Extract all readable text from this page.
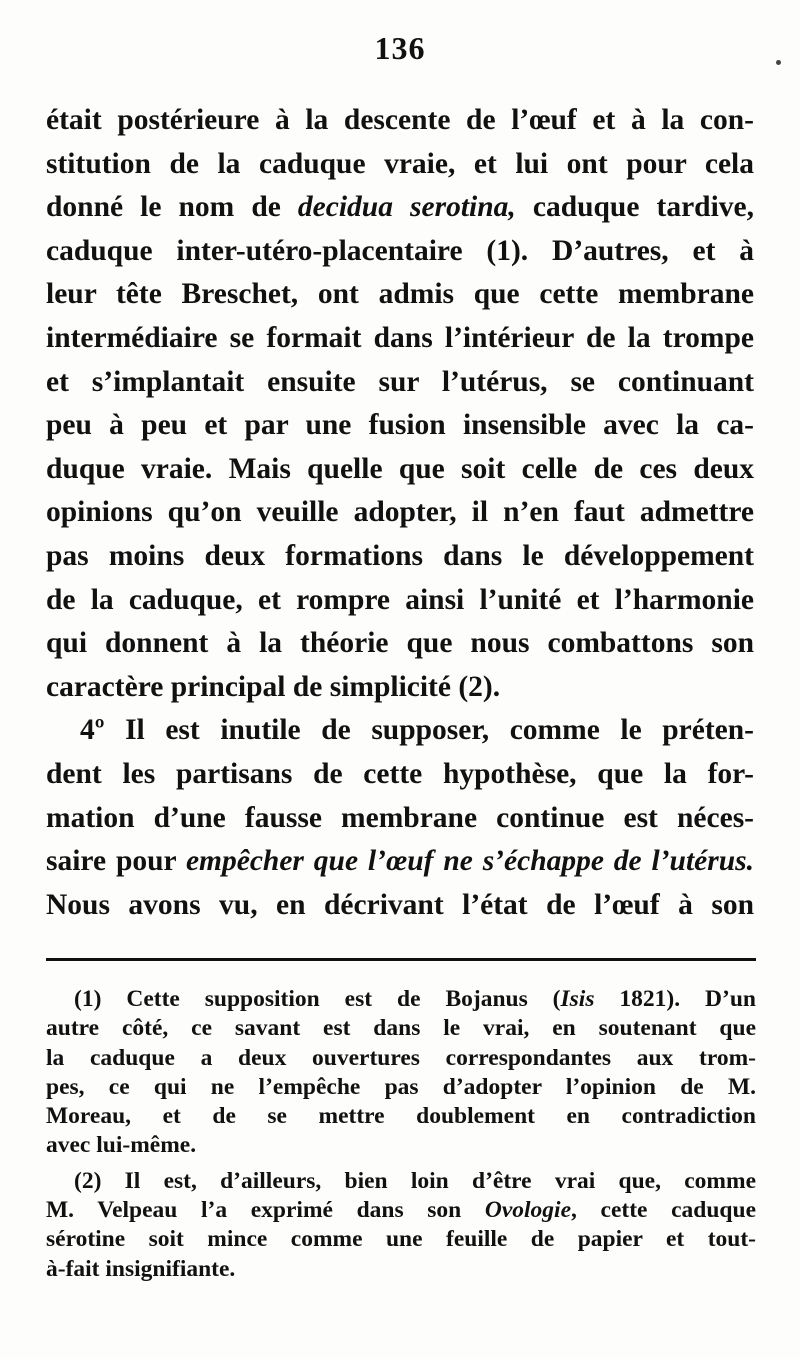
136
était postérieure à la descente de l’œuf et à la con-
stitution de la caduque vraie, et lui ont pour cela
donné le nom de decidua serotina, caduque tardive,
caduque inter-utéro-placentaire (1). D’autres, et à
leur tête Breschet, ont admis que cette membrane
intermédiaire se formait dans l’intérieur de la trompe
et s’implantait ensuite sur l’utérus, se continuant
peu à peu et par une fusion insensible avec la ca-
duque vraie. Mais quelle que soit celle de ces deux
opinions qu’on veuille adopter, il n’en faut admettre
pas moins deux formations dans le développement
de la caduque, et rompre ainsi l’unité et l’harmonie
qui donnent à la théorie que nous combattons son
caractère principal de simplicité (2).
4º Il est inutile de supposer, comme le préten-
dent les partisans de cette hypothèse, que la for-
mation d’une fausse membrane continue est néces-
saire pour empêcher que l’œuf ne s’échappe de l’utérus.
Nous avons vu, en décrivant l’état de l’œuf à son
(1) Cette supposition est de Bojanus (Isis 1821). D’un
autre côté, ce savant est dans le vrai, en soutenant que
la caduque a deux ouvertures correspondantes aux trom-
pes, ce qui ne l’empêche pas d’adopter l’opinion de M.
Moreau, et de se mettre doublement en contradiction
avec lui-même.
(2) Il est, d’ailleurs, bien loin d’être vrai que, comme
M. Velpeau l’a exprimé dans son Ovologie, cette caduque
sérotine soit mince comme une feuille de papier et tout-
à-fait insignifiante.
